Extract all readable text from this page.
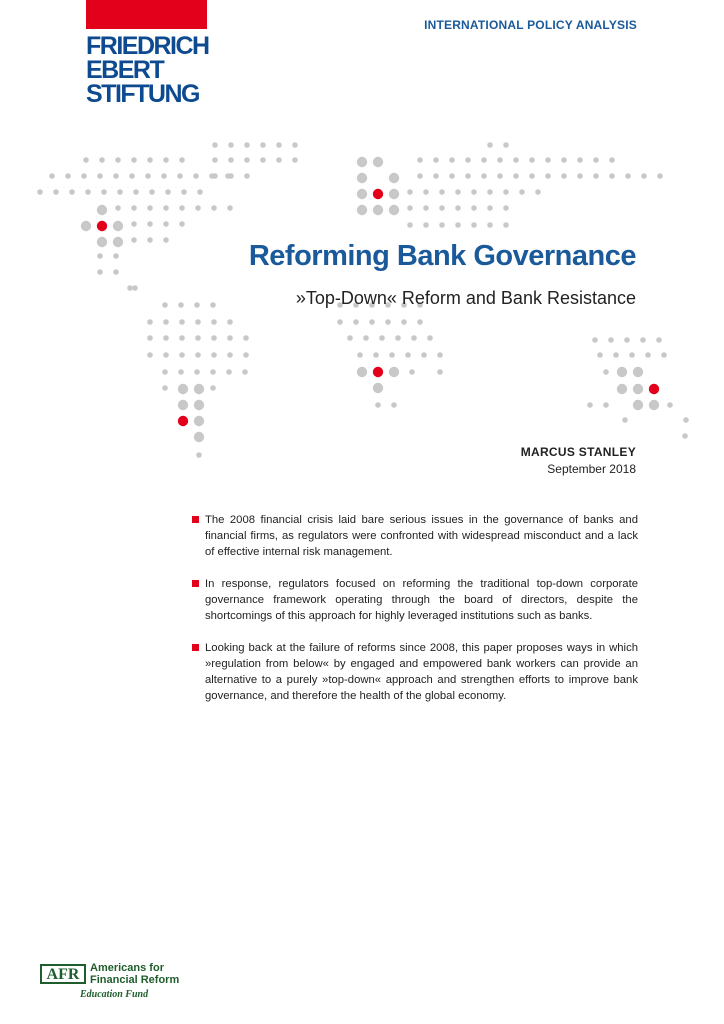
FRIEDRICH
EBERT
STIFTUNG
INTERNATIONAL POLICY ANALYSIS
Reforming Bank Governance
»Top-Down« Reform and Bank Resistance
MARCUS STANLEY
September 2018
The 2008 financial crisis laid bare serious issues in the governance of banks and financial firms, as regulators were confronted with widespread misconduct and a lack of effective internal risk management.
In response, regulators focused on reforming the traditional top-down corporate governance framework operating through the board of directors, despite the shortcomings of this approach for highly leveraged institutions such as banks.
Looking back at the failure of reforms since 2008, this paper proposes ways in which »regulation from below« by engaged and empowered bank workers can provide an alternative to a purely »top-down« approach and strengthen efforts to improve bank governance, and therefore the health of the global economy.
AFR Americans for
Financial Reform
Education Fund
